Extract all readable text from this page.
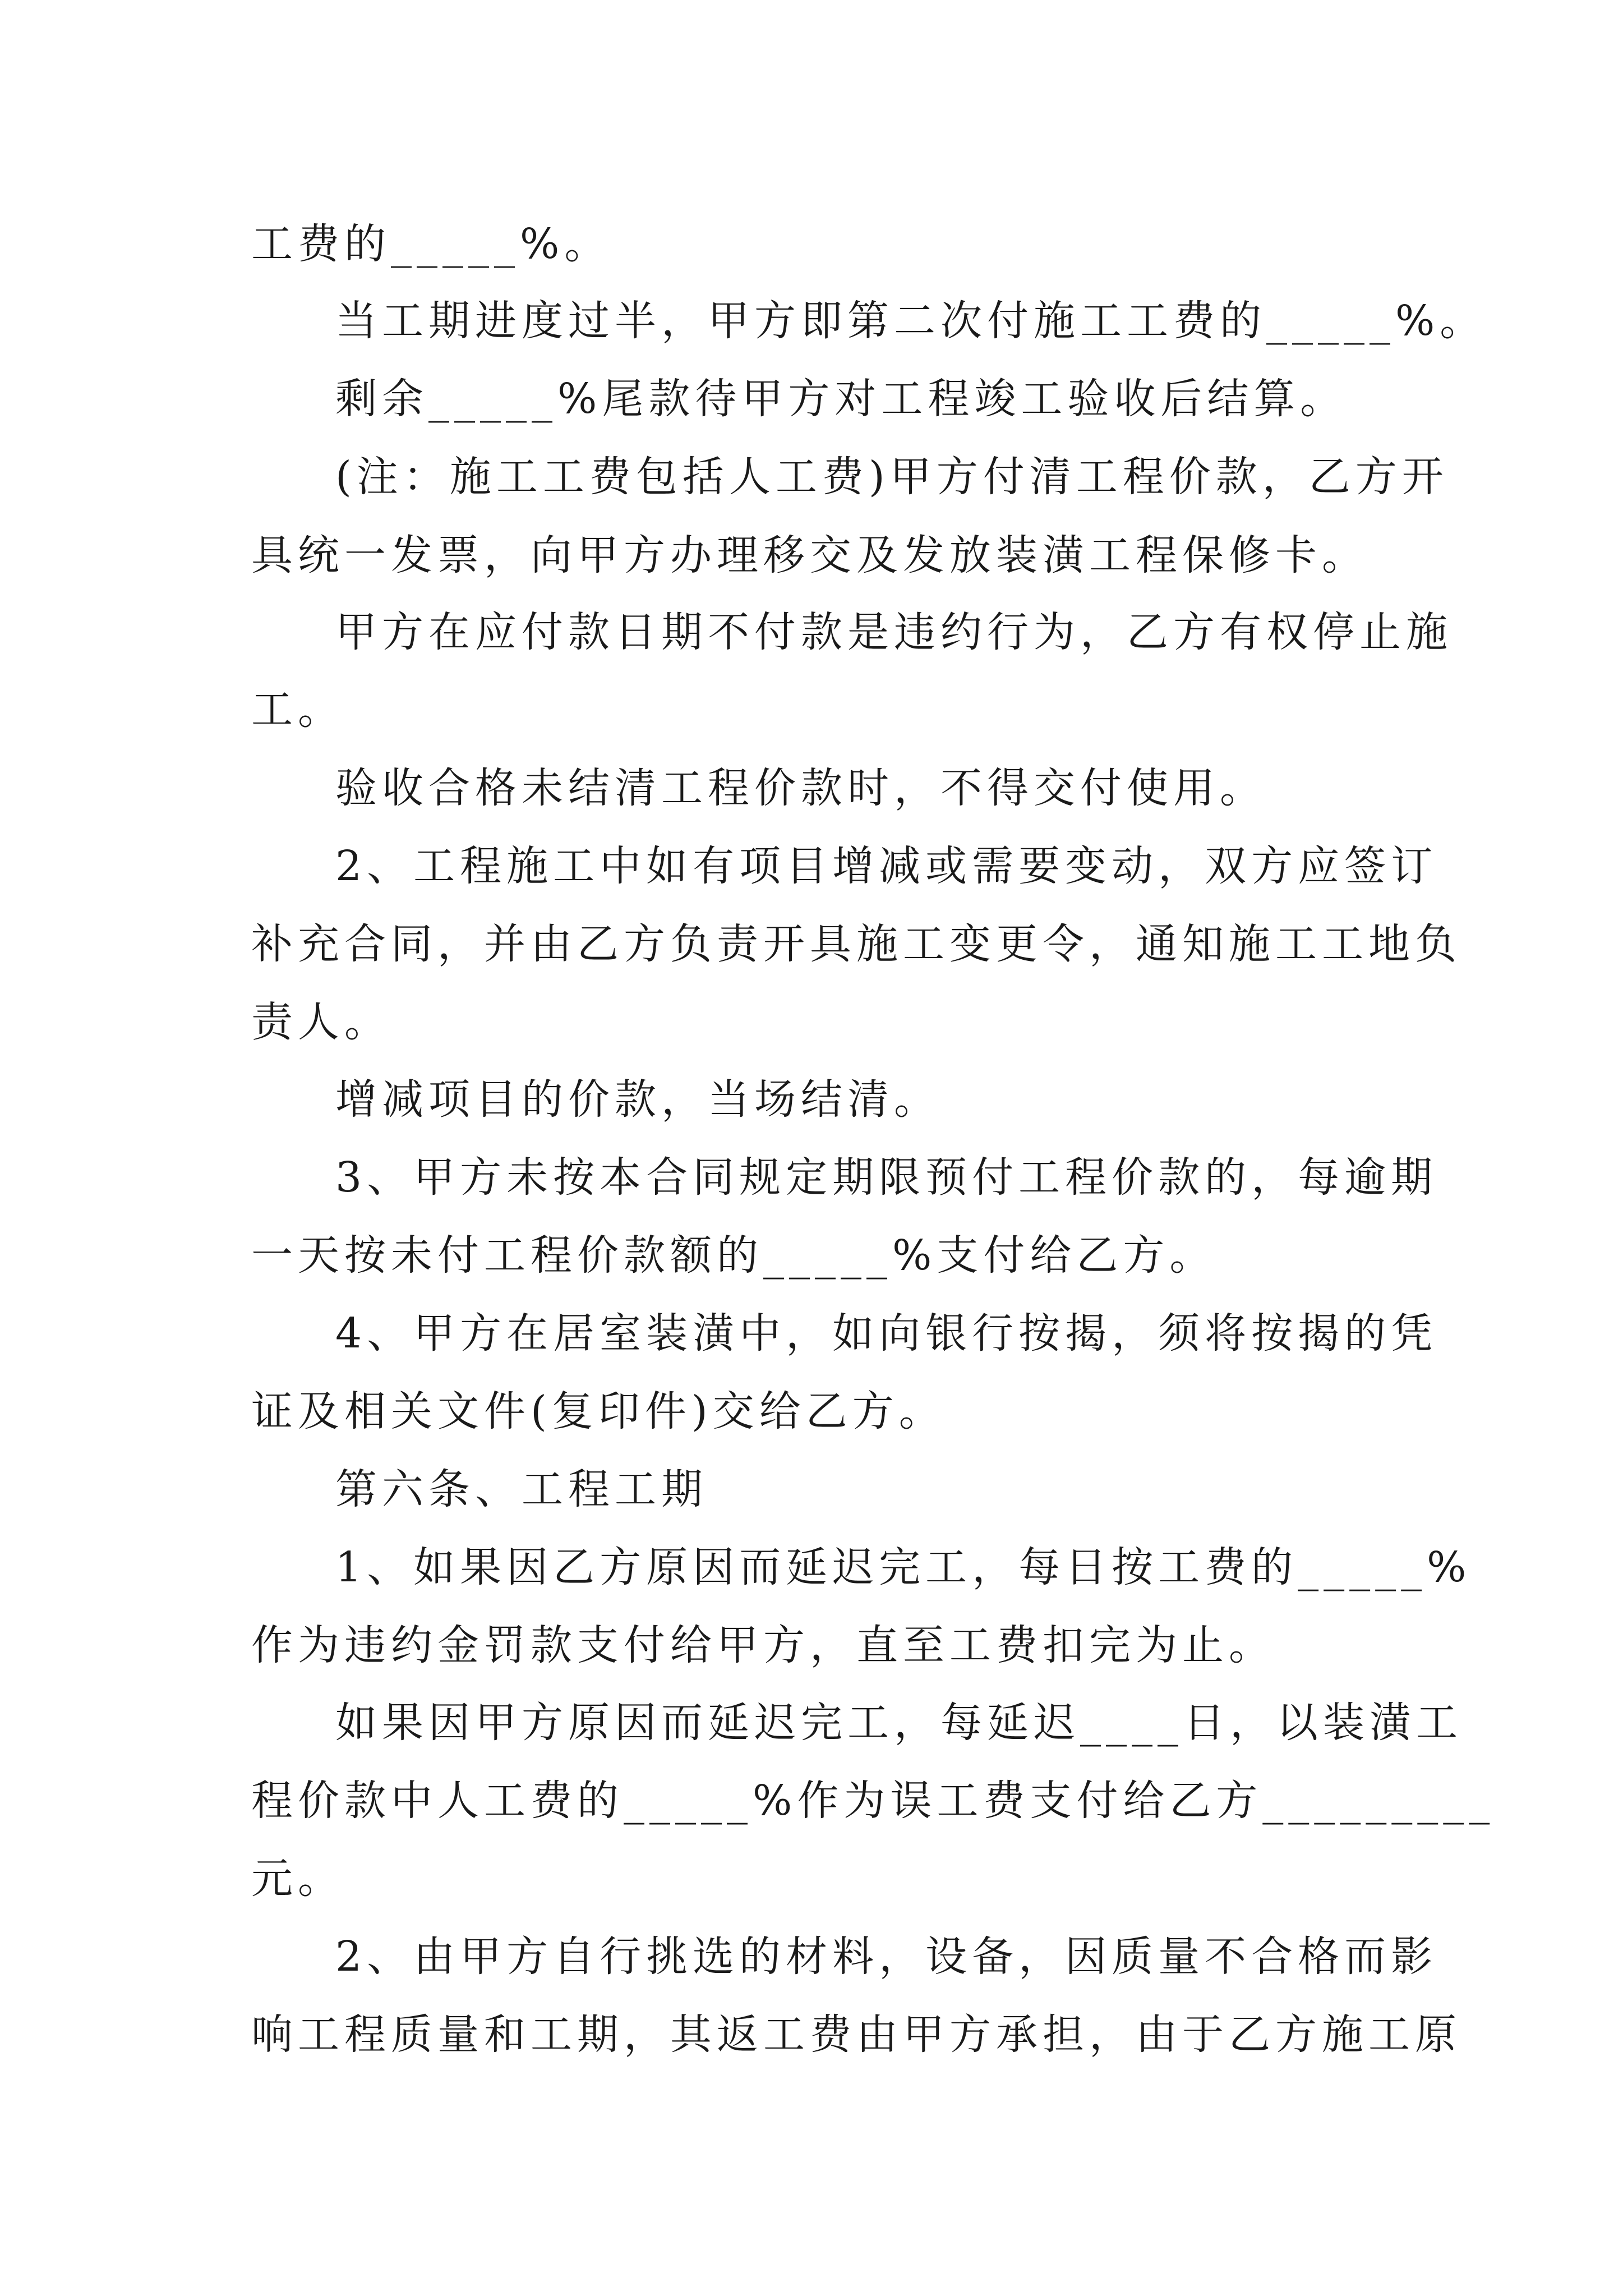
工费的_____%。

当工期进度过半，甲方即第二次付施工工费的_____%。

剩余_____%尾款待甲方对工程竣工验收后结算。

(注：施工工费包括人工费)甲方付清工程价款，乙方开

具统一发票，向甲方办理移交及发放装潢工程保修卡。

甲方在应付款日期不付款是违约行为，乙方有权停止施

工。

验收合格未结清工程价款时，不得交付使用。

2、工程施工中如有项目增减或需要变动，双方应签订

补充合同，并由乙方负责开具施工变更令，通知施工工地负

责人。

增减项目的价款，当场结清。

3、甲方未按本合同规定期限预付工程价款的，每逾期

一天按未付工程价款额的_____%支付给乙方。

4、甲方在居室装潢中，如向银行按揭，须将按揭的凭

证及相关文件(复印件)交给乙方。

第六条、工程工期

1、如果因乙方原因而延迟完工，每日按工费的_____%

作为违约金罚款支付给甲方，直至工费扣完为止。

如果因甲方原因而延迟完工，每延迟____日，以装潢工

程价款中人工费的_____%作为误工费支付给乙方_________

元。

2、由甲方自行挑选的材料，设备，因质量不合格而影

响工程质量和工期，其返工费由甲方承担，由于乙方施工原
